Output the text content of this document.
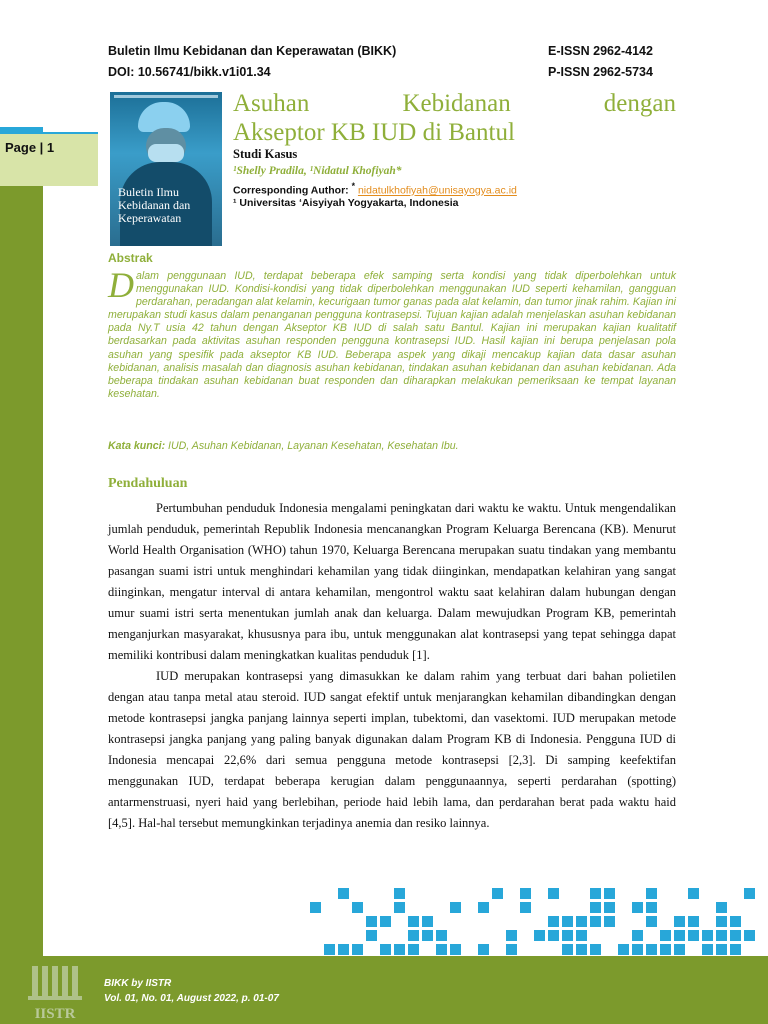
Page | 1
Buletin Ilmu Kebidanan dan Keperawatan (BIKK)	E-ISSN 2962-4142
DOI: 10.56741/bikk.v1i01.34	P-ISSN 2962-5734
Buletin Ilmu
Kebidanan dan
Keperawatan
Asuhan	Kebidanan	dengan
Akseptor KB IUD di Bantul
Studi Kasus
¹Shelly Pradila, ¹Nidatul Khofiyah*
Corresponding Author: * nidatulkhofiyah@unisayogya.ac.id
¹ Universitas ‘Aisyiyah Yogyakarta, Indonesia
Abstrak
Dalam penggunaan IUD, terdapat beberapa efek samping serta kondisi yang tidak diperbolehkan untuk menggunakan IUD. Kondisi-kondisi yang tidak diperbolehkan menggunakan IUD seperti kehamilan, gangguan perdarahan, peradangan alat kelamin, kecurigaan tumor ganas pada alat kelamin, dan tumor jinak rahim. Kajian ini merupakan studi kasus dalam penanganan pengguna kontrasepsi. Tujuan kajian adalah menjelaskan asuhan kebidanan pada Ny.T usia 42 tahun dengan Akseptor KB IUD di salah satu Bantul. Kajian ini merupakan kajian kualitatif berdasarkan pada aktivitas asuhan responden pengguna kontrasepsi IUD. Hasil kajian ini berupa penjelasan pola asuhan yang spesifik pada akseptor KB IUD. Beberapa aspek yang dikaji mencakup kajian data dasar asuhan kebidanan, analisis masalah dan diagnosis asuhan kebidanan, tindakan asuhan kebidanan dan asuhan kebidanan. Ada beberapa tindakan asuhan kebidanan buat responden dan diharapkan melakukan pemeriksaan ke tempat layanan kesehatan.
Kata kunci: IUD, Asuhan Kebidanan, Layanan Kesehatan, Kesehatan Ibu.
Pendahuluan

Pertumbuhan penduduk Indonesia mengalami peningkatan dari waktu ke waktu. Untuk mengendalikan jumlah penduduk, pemerintah Republik Indonesia mencanangkan Program Keluarga Berencana (KB). Menurut World Health Organisation (WHO) tahun 1970, Keluarga Berencana merupakan suatu tindakan yang membantu pasangan suami istri untuk menghindari kehamilan yang tidak diinginkan, mendapatkan kelahiran yang sangat diinginkan, mengatur interval di antara kehamilan, mengontrol waktu saat kelahiran dalam hubungan dengan umur suami istri serta menentukan jumlah anak dan keluarga. Dalam mewujudkan Program KB, pemerintah menganjurkan masyarakat, khususnya para ibu, untuk menggunakan alat kontrasepsi yang tepat sehingga dapat memiliki kontribusi dalam meningkatkan kualitas penduduk [1].

IUD merupakan kontrasepsi yang dimasukkan ke dalam rahim yang terbuat dari bahan polietilen dengan atau tanpa metal atau steroid. IUD sangat efektif untuk menjarangkan kehamilan dibandingkan dengan metode kontrasepsi jangka panjang lainnya seperti implan, tubektomi, dan vasektomi. IUD merupakan metode kontrasepsi jangka panjang yang paling banyak digunakan dalam Program KB di Indonesia. Pengguna IUD di Indonesia mencapai 22,6% dari semua pengguna metode kontrasepsi [2,3]. Di samping keefektifan menggunakan IUD, terdapat beberapa kerugian dalam penggunaannya, seperti perdarahan (spotting) antarmenstruasi, nyeri haid yang berlebihan, periode haid lebih lama, dan perdarahan berat pada waktu haid [4,5]. Hal-hal tersebut memungkinkan terjadinya anemia dan resiko lainnya.

IISTR
BIKK by IISTR
Vol. 01, No. 01, August 2022, p. 01-07
